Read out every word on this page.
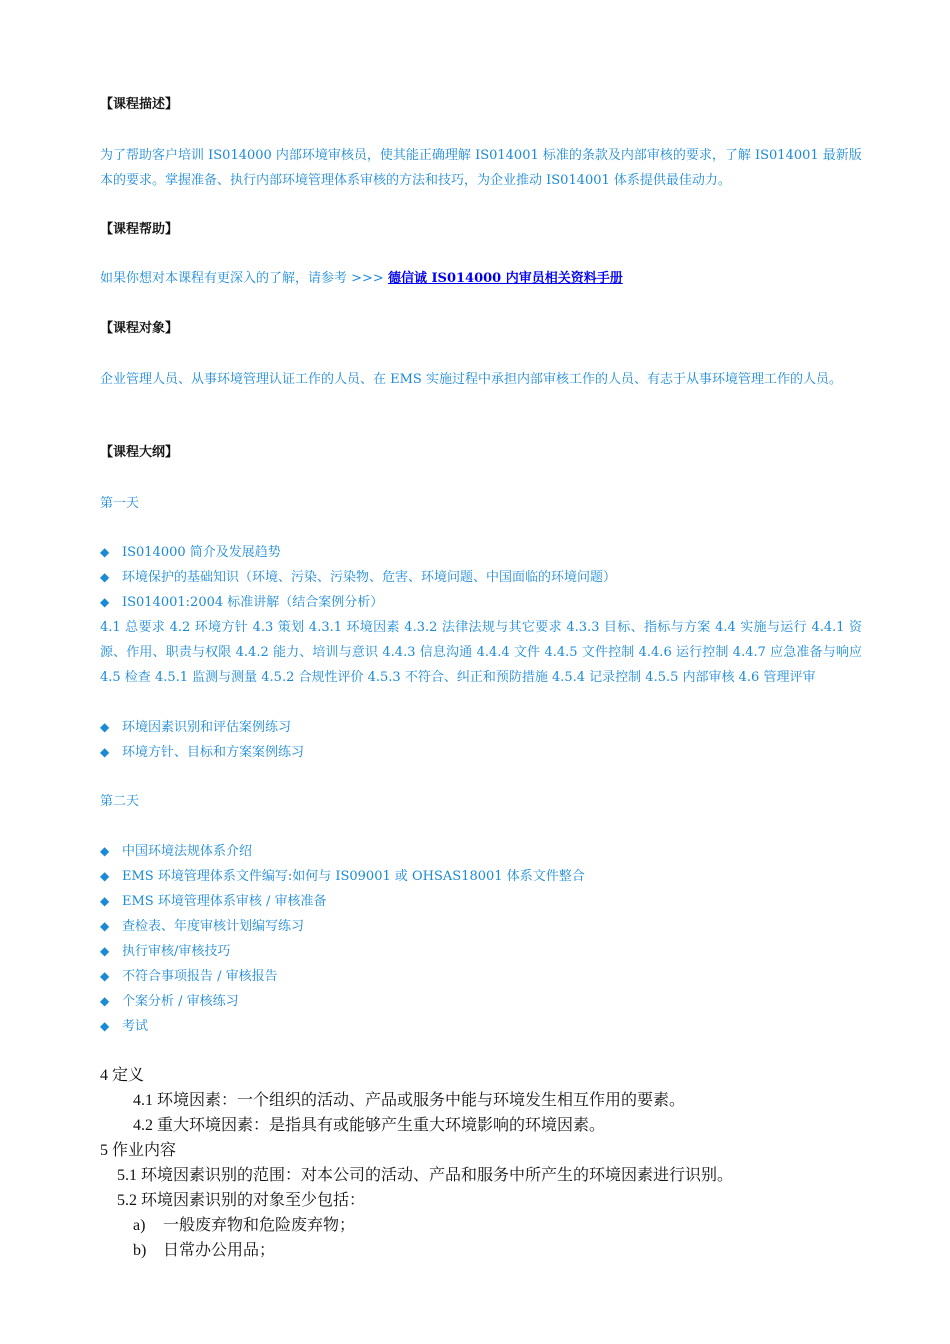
【课程描述】
为了帮助客户培训 IS014000 内部环境审核员，使其能正确理解 IS014001 标准的条款及内部审核的要求，了解 IS014001 最新版本的要求。掌握准备、执行内部环境管理体系审核的方法和技巧，为企业推动 IS014001 体系提供最佳动力。
【课程帮助】
如果你想对本课程有更深入的了解，请参考 >>> 德信诚 IS014000 内审员相关资料手册
【课程对象】
企业管理人员、从事环境管理认证工作的人员、在 EMS 实施过程中承担内部审核工作的人员、有志于从事环境管理工作的人员。
【课程大纲】
第一天
◆ IS014000 简介及发展趋势
◆ 环境保护的基础知识（环境、污染、污染物、危害、环境问题、中国面临的环境问题）
◆ IS014001:2004 标准讲解（结合案例分析）
4.1 总要求 4.2 环境方针 4.3 策划 4.3.1 环境因素 4.3.2 法律法规与其它要求 4.3.3 目标、指标与方案 4.4 实施与运行 4.4.1 资源、作用、职责与权限 4.4.2 能力、培训与意识 4.4.3 信息沟通 4.4.4 文件 4.4.5 文件控制 4.4.6 运行控制 4.4.7 应急准备与响应 4.5 检查 4.5.1 监测与测量 4.5.2 合规性评价 4.5.3 不符合、纠正和预防措施 4.5.4 记录控制 4.5.5 内部审核 4.6 管理评审
◆ 环境因素识别和评估案例练习
◆ 环境方针、目标和方案案例练习
第二天
◆ 中国环境法规体系介绍
◆ EMS 环境管理体系文件编写:如何与 IS09001 或 OHSAS18001 体系文件整合
◆ EMS 环境管理体系审核 / 审核准备
◆ 查检表、年度审核计划编写练习
◆ 执行审核/审核技巧
◆ 不符合事项报告 / 审核报告
◆ 个案分析 / 审核练习
◆ 考试
4 定义
4.1 环境因素：一个组织的活动、产品或服务中能与环境发生相互作用的要素。
4.2 重大环境因素：是指具有或能够产生重大环境影响的环境因素。
5 作业内容
5.1 环境因素识别的范围：对本公司的活动、产品和服务中所产生的环境因素进行识别。
5.2 环境因素识别的对象至少包括：
a) 一般废弃物和危险废弃物；
b) 日常办公用品；
